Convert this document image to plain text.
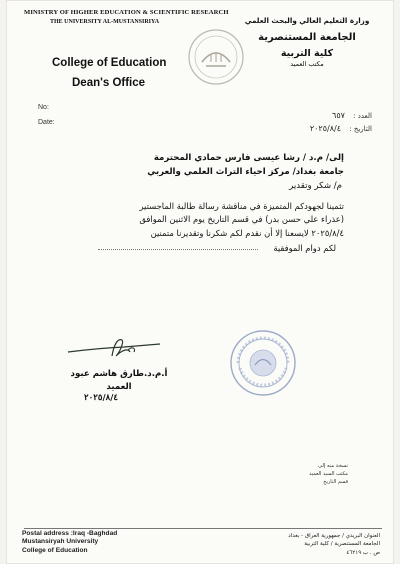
MINISTRY OF HIGHER EDUCATION & SCIENTIFIC RESEARCH
THE UNIVERSITY AL-MUSTANSIRIYA
College of Education
Dean's Office
وزارة التعليم العالي والبحث العلمي
الجامعة المستنصرية
كلية التربية
مكتب العميد
No:
Date:
العدد : ٦٥٧
التاريخ : ٢٠٢٥/٨/٤
إلى/ م.د / رشا عيسى فارس حمادي المحترمة
جامعة بغداد/ مركز احياء التراث العلمي والعربي
م/ شكر وتقدير
تثمينا لجهودكم المتميزة في مناقشة رسالة طالبة الماجستير
(عذراء علي حسن بدر) في قسم التاريخ يوم الاثنين الموافق
٢٠٢٥/٨/٤ لايسعنا إلا أن نقدم لكم شكرنا وتقديرنا متمنين
لكم دوام الموفقية
أ.م.د.طارق هاشم عبود
العميد
٢٠٢٥/٨/٤
نسخة منه إلى
مكتب السيد العميد
قسم التاريخ
Postal address :Iraq -Baghdad
Mustansiryah University
College of Education
العنوان البريدي / جمهورية العراق - بغداد
الجامعة المستنصرية / كلية التربية
ص . ب ٤٦٢١٩
